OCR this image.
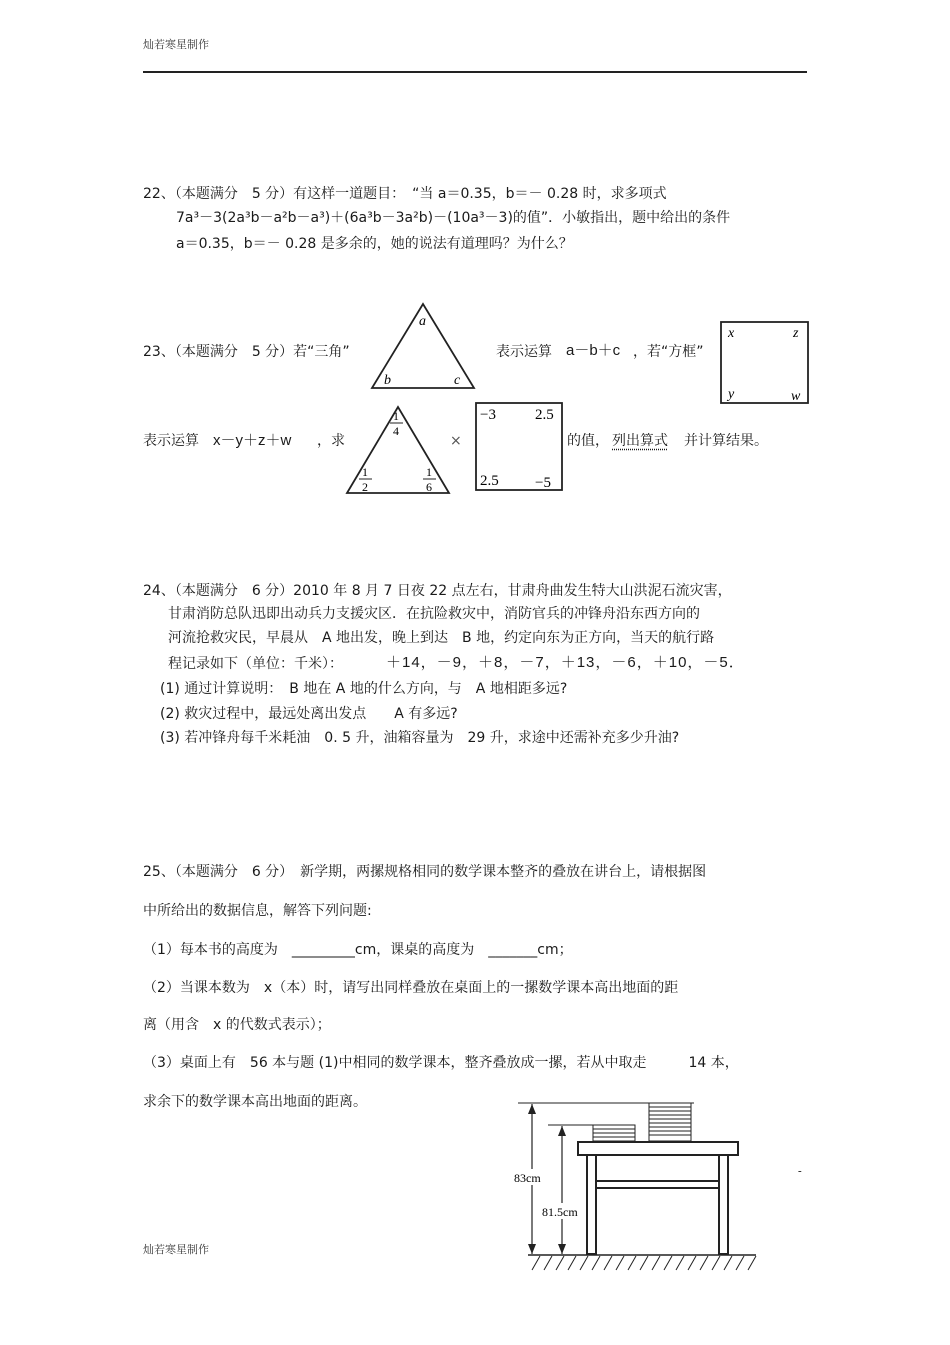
灿若寒星制作
22、（本题满分　5 分）有这样一道题目：　“当 a＝0.35，b＝－ 0.28 时，求多项式
7a³－3(2a³b－a²b－a³)＋(6a³b－3a²b)－(10a³－3)的值”．小敏指出，题中给出的条件
a＝0.35，b＝－ 0.28 是多余的，她的说法有道理吗？为什么？
23、（本题满分　5 分）若“三角”
a
b	c
表示运算 a－b＋c ，若“方框”
x	z
y	w
表示运算 x－y＋z＋w ，求
1
4
1
2
1
6
×
−3	2.5
2.5 −5
的值， 列出算式 并计算结果。
24、（本题满分　6 分）2010 年 8 月 7 日夜 22 点左右，甘肃舟曲发生特大山洪泥石流灾害，
甘肃消防总队迅即出动兵力支援灾区．在抗险救灾中，消防官兵的冲锋舟沿东西方向的
河流抢救灾民，早晨从　A 地出发，晚上到达　B 地，约定向东为正方向，当天的航行路
程记录如下（单位：千米）：	＋14，－9，＋8，－7，＋13，－6，＋10，－5．
(1) 通过计算说明：　B 地在 A 地的什么方向，与　A 地相距多远?
(2) 救灾过程中，最远处离出发点　　A 有多远?
(3) 若冲锋舟每千米耗油　0. 5 升，油箱容量为　29 升，求途中还需补充多少升油?
25、（本题满分　6 分）　新学期，两摞规格相同的数学课本整齐的叠放在讲台上，请根据图
中所给出的数据信息，解答下列问题:
（1）每本书的高度为　_________cm，课桌的高度为　_______cm；
（2）当课本数为　x（本）时，请写出同样叠放在桌面上的一摞数学课本高出地面的距
离（用含　x 的代数式表示）；
（3）桌面上有　56 本与题 (1)中相同的数学课本，整齐叠放成一摞，若从中取走　　　14 本，
求余下的数学课本高出地面的距离。
83cm
81.5cm
-
灿若寒星制作
